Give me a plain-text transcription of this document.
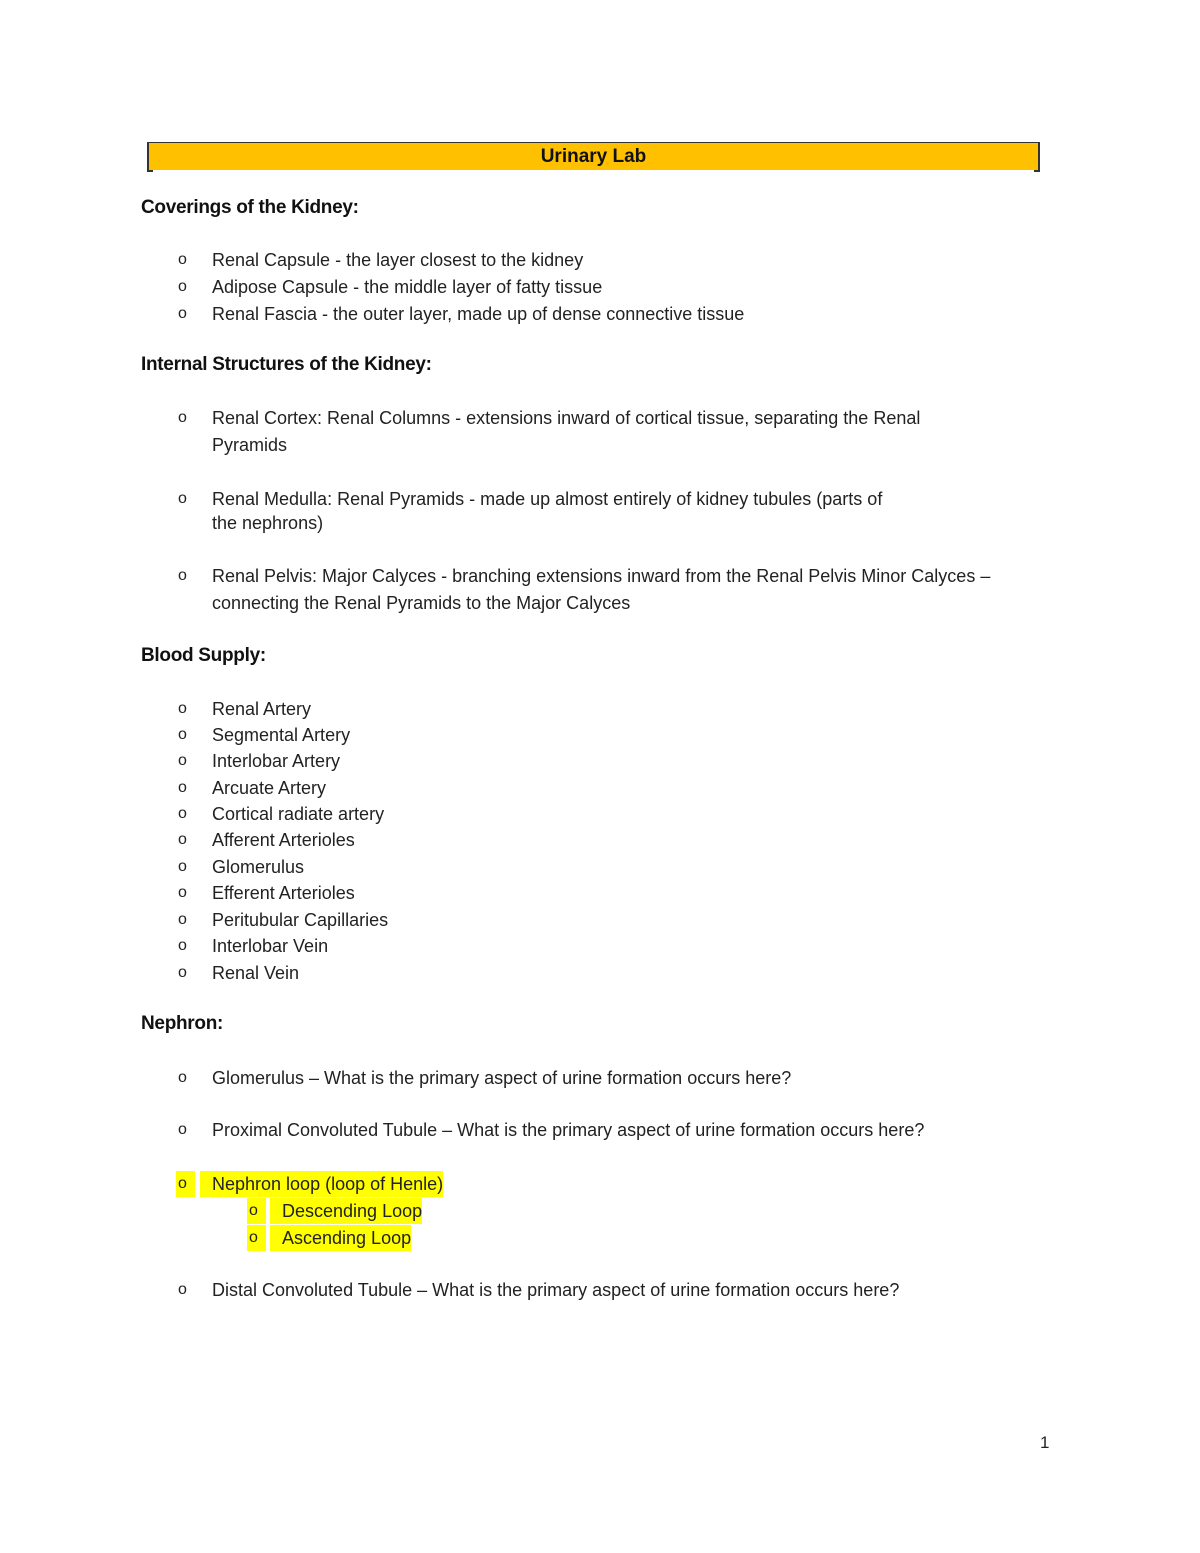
Urinary Lab
Coverings of the Kidney:
o Renal Capsule - the layer closest to the kidney
o Adipose Capsule - the middle layer of fatty tissue
o Renal Fascia - the outer layer, made up of dense connective tissue
Internal Structures of the Kidney:
o Renal Cortex: Renal Columns - extensions inward of cortical tissue, separating the Renal
Pyramids
o Renal Medulla: Renal Pyramids - made up almost entirely of kidney tubules (parts of
the nephrons)
o Renal Pelvis: Major Calyces - branching extensions inward from the Renal Pelvis Minor Calyces –
connecting the Renal Pyramids to the Major Calyces
Blood Supply:
o Renal Artery
o Segmental Artery
o Interlobar Artery
o Arcuate Artery
o Cortical radiate artery
o Afferent Arterioles
o Glomerulus
o Efferent Arterioles
o Peritubular Capillaries
o Interlobar Vein
o Renal Vein
Nephron:
o Glomerulus – What is the primary aspect of urine formation occurs here?
o Proximal Convoluted Tubule – What is the primary aspect of urine formation occurs here?
o	Nephron loop (loop of Henle)
o	Descending Loop
o	Ascending Loop
o Distal Convoluted Tubule – What is the primary aspect of urine formation occurs here?
1
